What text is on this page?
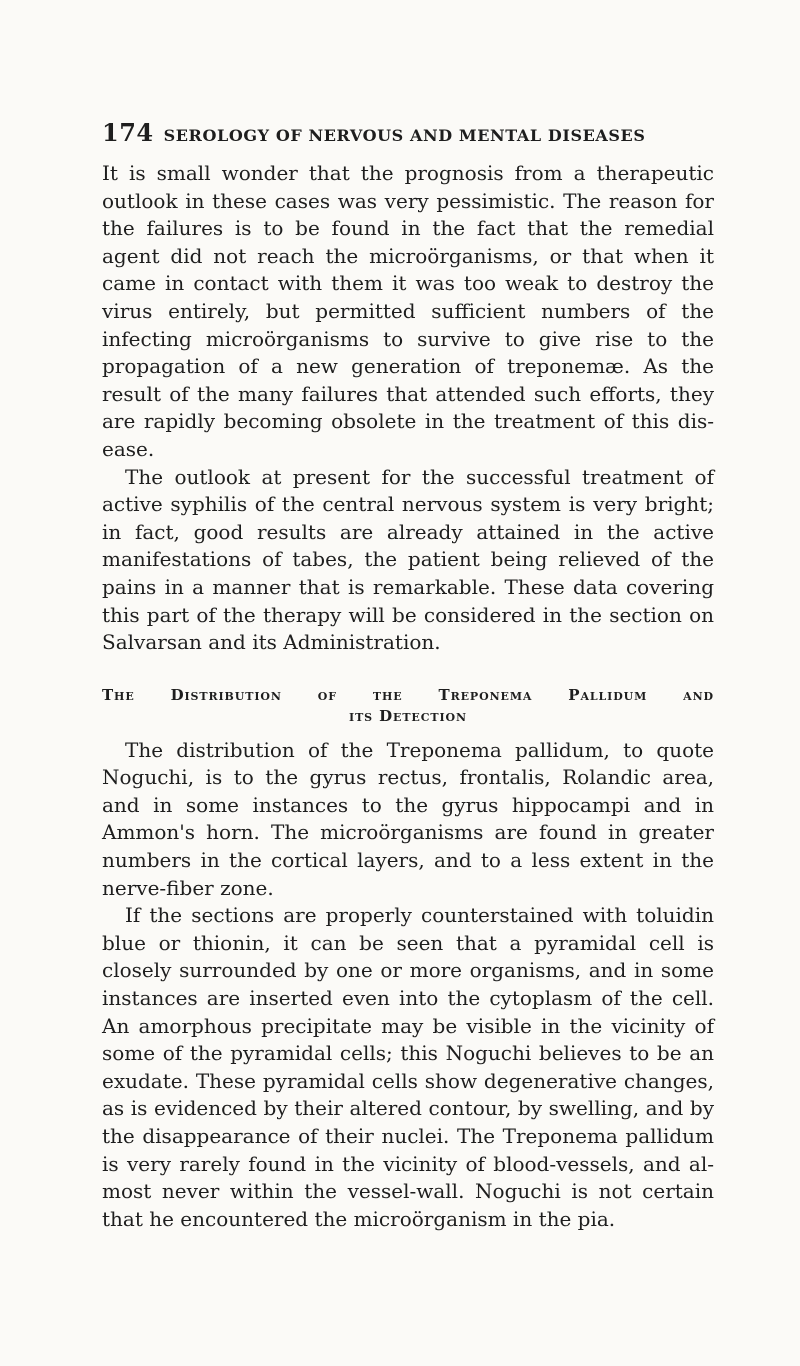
174 SEROLOGY OF NERVOUS AND MENTAL DISEASES

It is small wonder that the prognosis from a therapeutic outlook in these cases was very pessimistic. The reason for the failures is to be found in the fact that the remedial agent did not reach the microörganisms, or that when it came in contact with them it was too weak to destroy the virus entirely, but permitted sufficient numbers of the infecting microörganisms to survive to give rise to the propagation of a new generation of treponemæ. As the result of the many failures that attended such efforts, they are rapidly becoming obsolete in the treatment of this disease.

The outlook at present for the successful treatment of active syphilis of the central nervous system is very bright; in fact, good results are already attained in the active manifestations of tabes, the patient being relieved of the pains in a manner that is remarkable. These data covering this part of the therapy will be considered in the section on Salvarsan and its Administration.

The Distribution of the Treponema Pallidum and
its Detection

The distribution of the Treponema pallidum, to quote Noguchi, is to the gyrus rectus, frontalis, Rolandic area, and in some instances to the gyrus hippocampi and in Ammon's horn. The microörganisms are found in greater numbers in the cortical layers, and to a less extent in the nerve-fiber zone.

If the sections are properly counterstained with toluidin blue or thionin, it can be seen that a pyramidal cell is closely surrounded by one or more organisms, and in some instances are inserted even into the cytoplasm of the cell. An amorphous precipitate may be visible in the vicinity of some of the pyramidal cells; this Noguchi believes to be an exudate. These pyramidal cells show degenerative changes, as is evidenced by their altered contour, by swelling, and by the disappearance of their nuclei. The Treponema pallidum is very rarely found in the vicinity of blood-vessels, and almost never within the vessel-wall. Noguchi is not certain that he encountered the microörganism in the pia.
